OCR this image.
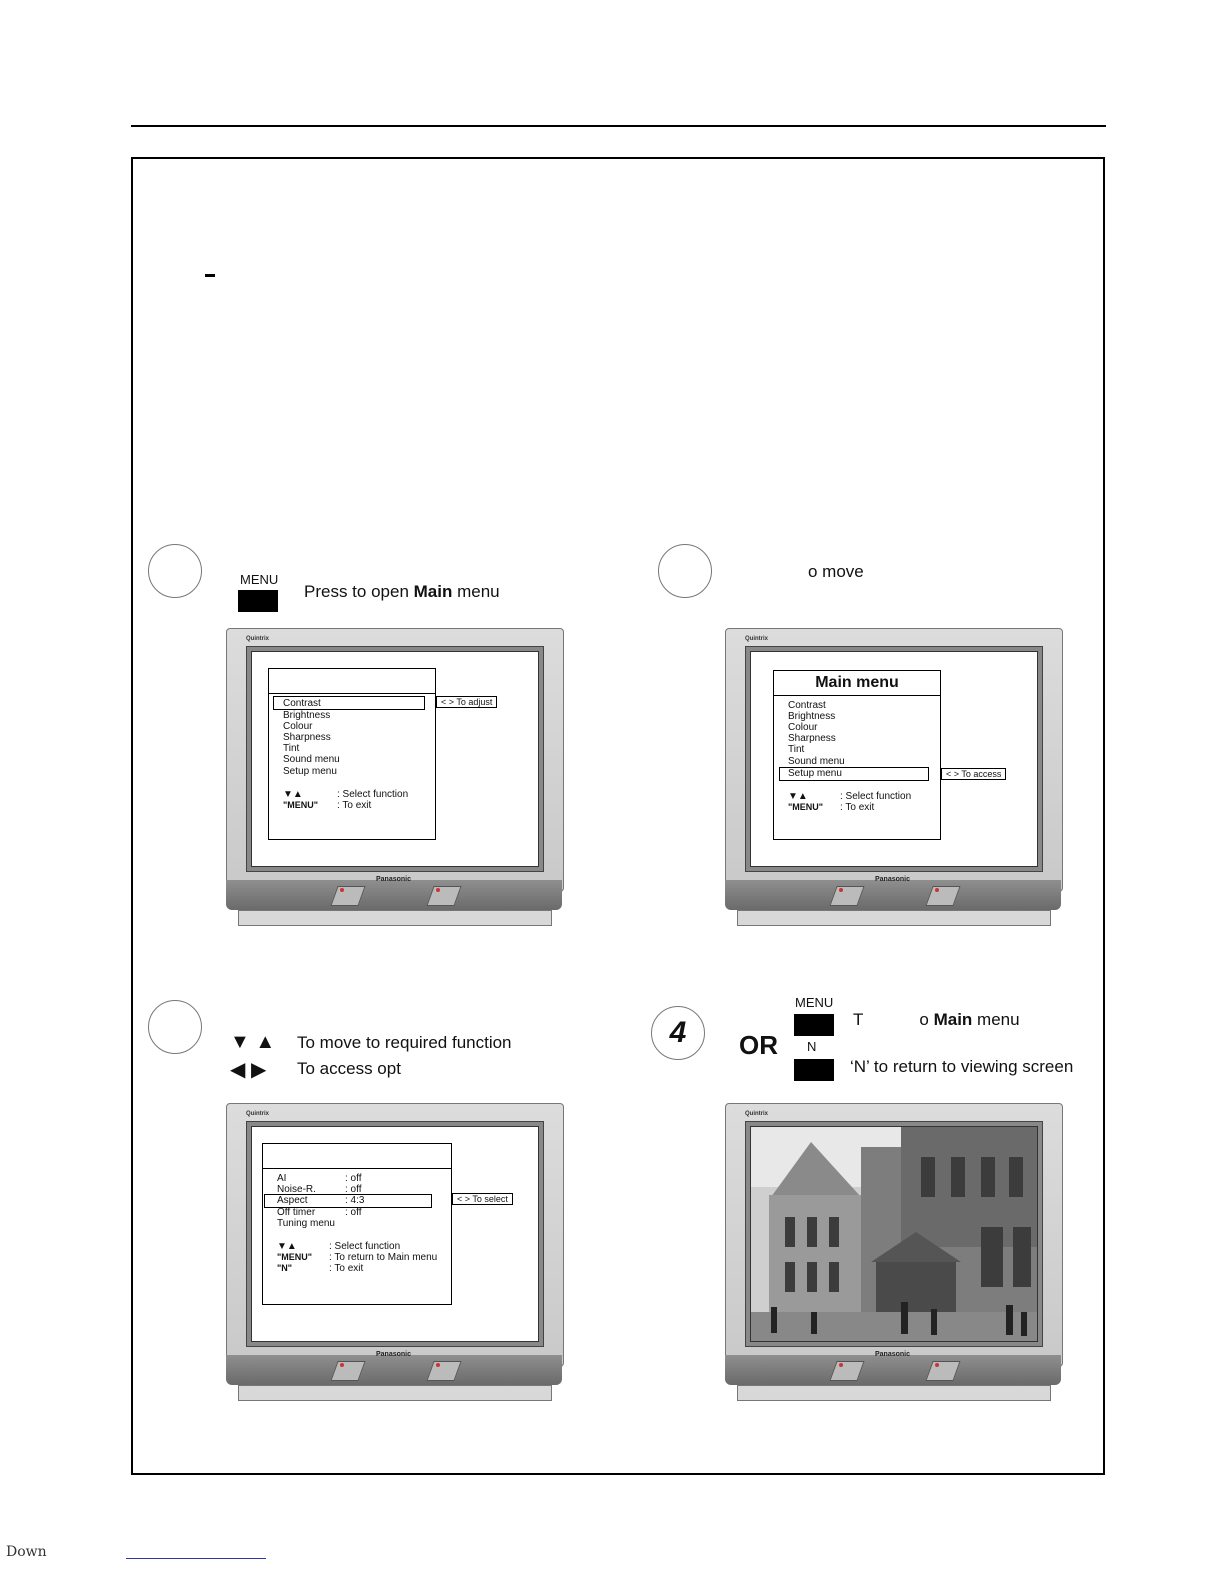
MENU
Press to open Main menu
Quintrix
Contrast
Brightness
Colour
Sharpness
Tint
Sound menu
Setup menu
▼▲	: Select function
"MENU" : To exit
< > To adjust
Panasonic
o move
Quintrix
Main menu
Contrast
Brightness
Colour
Sharpness
Tint
Sound menu
Setup menu
▼▲	: Select function
"MENU" : To exit
< > To access
Panasonic
▼ ▲ To move to required function
◀ ▶ To access opt
Quintrix
AI	: off
Noise-R.	: off
Aspect	: 4:3
Off timer	: off
Tuning menu
▼▲	: Select function
"MENU" : To return to Main menu
"N"	: To exit
< > To select
Panasonic
4	OR
MENU
T	o Main menu
N
‘N’ to return to viewing screen
Quintrix
Panasonic
Down
